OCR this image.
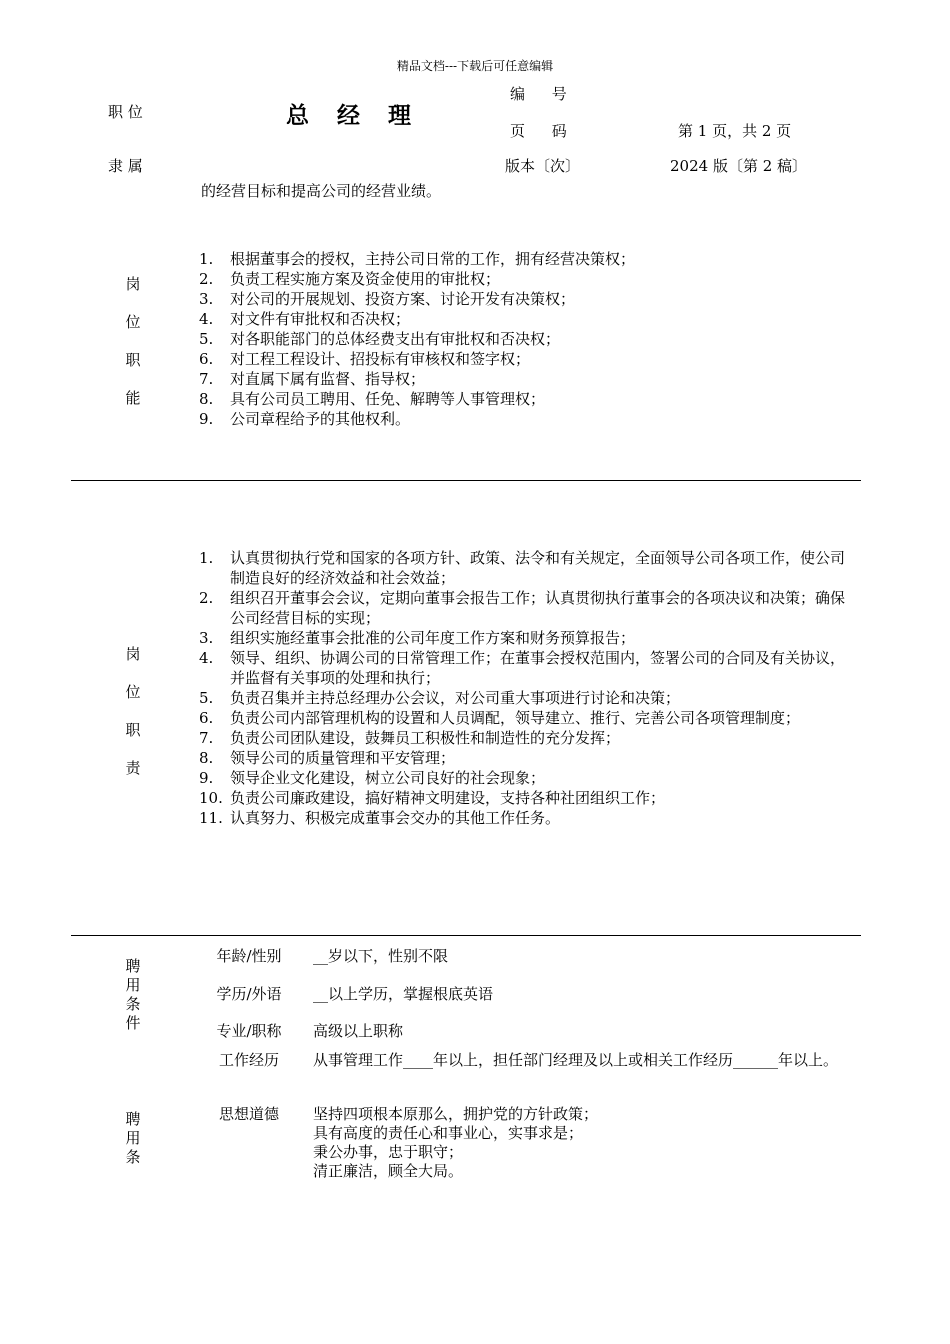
精品文档---下载后可任意编辑
职 位	总 经 理
隶 属
编 号
页 码	第 1 页，共 2 页
版本〔次〕	2024 版〔第 2 稿〕
的经营目标和提高公司的经营业绩。
岗
位
职
能
1.	根据董事会的授权，主持公司日常的工作，拥有经营决策权；
2.	负责工程实施方案及资金使用的审批权；
3.	对公司的开展规划、投资方案、讨论开发有决策权；
4.	对文件有审批权和否决权；
5.	对各职能部门的总体经费支出有审批权和否决权；
6.	对工程工程设计、招投标有审核权和签字权；
7.	对直属下属有监督、指导权；
8.	具有公司员工聘用、任免、解聘等人事管理权；
9.	公司章程给予的其他权利。
岗
位
职
责
1.	认真贯彻执行党和国家的各项方针、政策、法令和有关规定，全面领导公司各项工作，使公司制造良好的经济效益和社会效益；
2.	组织召开董事会会议，定期向董事会报告工作；认真贯彻执行董事会的各项决议和决策；确保公司经营目标的实现；
3.	组织实施经董事会批准的公司年度工作方案和财务预算报告；
4.	领导、组织、协调公司的日常管理工作；在董事会授权范围内，签署公司的合同及有关协议，并监督有关事项的处理和执行；
5.	负责召集并主持总经理办公会议，对公司重大事项进行讨论和决策；
6.	负责公司内部管理机构的设置和人员调配，领导建立、推行、完善公司各项管理制度；
7.	负责公司团队建设，鼓舞员工积极性和制造性的充分发挥；
8.	领导公司的质量管理和平安管理；
9.	领导企业文化建设，树立公司良好的社会现象；
10. 负责公司廉政建设，搞好精神文明建设，支持各种社团组织工作；
11. 认真努力、积极完成董事会交办的其他工作任务。
聘
用
条
件
聘
用
条
年龄/性别	__岁以下，性别不限
学历/外语	__以上学历，掌握根底英语
专业/职称	高级以上职称
工作经历	从事管理工作____年以上，担任部门经理及以上或相关工作经历______年以上。
思想道德	坚持四项根本原那么，拥护党的方针政策；
具有高度的责任心和事业心，实事求是；
秉公办事，忠于职守；
清正廉洁，顾全大局。
